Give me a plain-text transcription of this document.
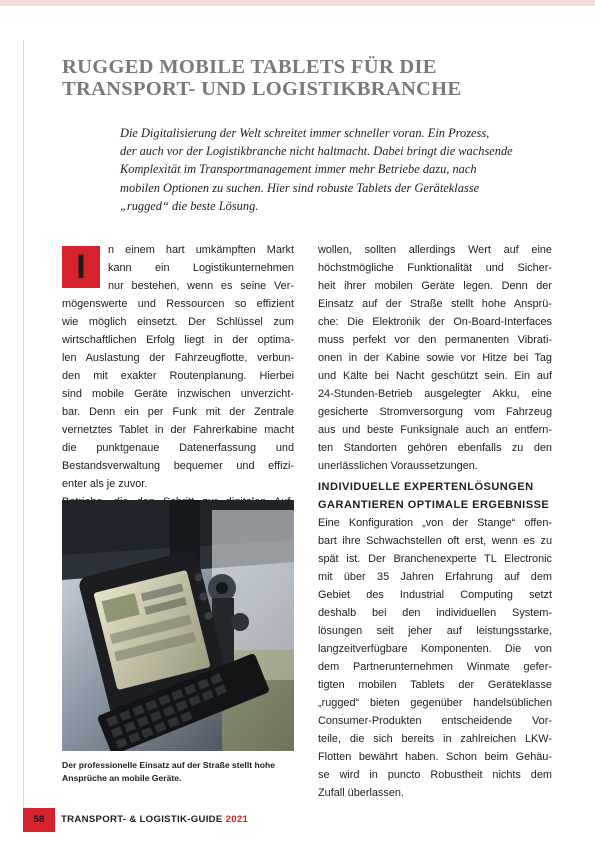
RUGGED MOBILE TABLETS FÜR DIE
TRANSPORT- UND LOGISTIKBRANCHE
Die Digitalisierung der Welt schreitet immer schneller voran. Ein Prozess,
der auch vor der Logistikbranche nicht haltmacht. Dabei bringt die wachsende
Komplexität im Transportmanagement immer mehr Betriebe dazu, nach
mobilen Optionen zu suchen. Hier sind robuste Tablets der Geräteklasse
„rugged“ die beste Lösung.
I	n einem hart umkämpften Markt
kann ein Logistikunternehmen
nur bestehen, wenn es seine Ver-
mögenswerte und Ressourcen so effizient
wie möglich einsetzt. Der Schlüssel zum
wirtschaftlichen Erfolg liegt in der optima-
len Auslastung der Fahrzeugflotte, verbun-
den mit exakter Routenplanung. Hierbei
sind mobile Geräte inzwischen unverzicht-
bar. Denn ein per Funk mit der Zentrale
vernetztes Tablet in der Fahrerkabine macht
die punktgenaue Datenerfassung und
Bestandsverwaltung bequemer und effizi-
enter als je zuvor.
Der professionelle Einsatz auf der Straße stellt hohe
Ansprüche an mobile Geräte.
wollen, sollten allerdings Wert auf eine
höchstmögliche Funktionalität und Sicher-
heit ihrer mobilen Geräte legen. Denn der
Einsatz auf der Straße stellt hohe Ansprü-
che: Die Elektronik der On-Board-Interfaces
muss perfekt vor den permanenten Vibrati-
onen in der Kabine sowie vor Hitze bei Tag
und Kälte bei Nacht geschützt sein. Ein auf
24-Stunden-Betrieb ausgelegter Akku, eine
gesicherte Stromversorgung vom Fahrzeug
aus und beste Funksignale auch an entfern-
ten Standorten gehören ebenfalls zu den
unerlässlichen Voraussetzungen.
INDIVIDUELLE EXPERTENLÖSUNGEN
GARANTIEREN OPTIMALE ERGEBNISSE
Eine Konfiguration „von der Stange“ offen-
bart ihre Schwachstellen oft erst, wenn es zu
spät ist. Der Branchenexperte TL Electronic
mit über 35 Jahren Erfahrung auf dem
Gebiet des Industrial Computing setzt
deshalb bei den individuellen System-
lösungen seit jeher auf leistungsstarke,
langzeitverfügbare Komponenten. Die von
dem Partnerunternehmen Winmate gefer-
tigten mobilen Tablets der Geräteklasse
„rugged“ bieten gegenüber handelsüblichen
Consumer-Produkten entscheidende Vor-
teile, die sich bereits in zahlreichen LKW-
Flotten bewährt haben. Schon beim Gehäu-
se wird in puncto Robustheit nichts dem
Zufall überlassen.
58	TRANSPORT- & LOGISTIK-GUIDE 2021
